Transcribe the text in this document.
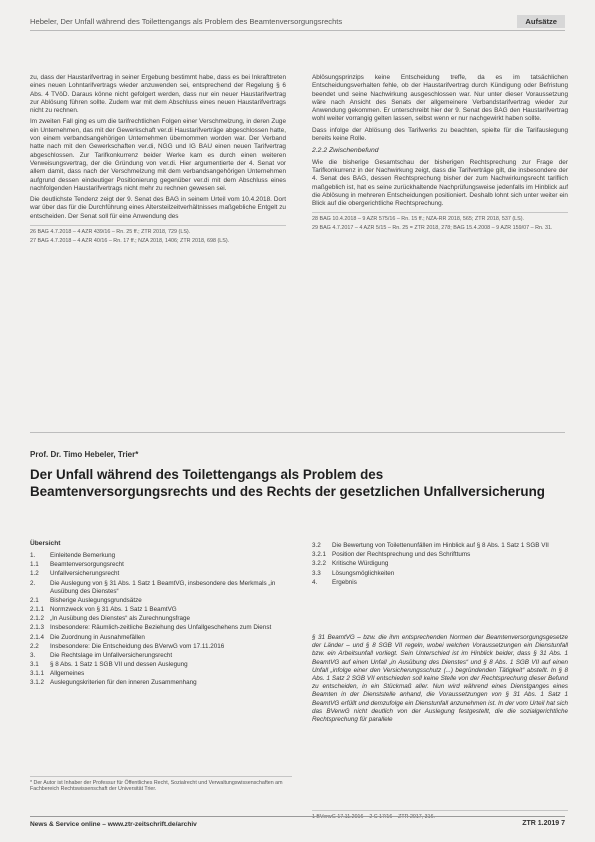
Hebeler, Der Unfall während des Toilettengangs als Problem des Beamtenversorgungsrechts	Aufsätze

zu, dass der Haustarifvertrag in seiner Ergebung bestimmt habe, dass es bei Inkrafttreten eines neuen Lohntarifvertrags wieder anzuwenden sei, entsprechend der Regelung § 6 Abs. 4 TVöD. Daraus könne nicht gefolgert werden, dass nur ein neuer Haustarifvertrag zur Ablösung führen sollte. Zudem war mit dem Abschluss eines neuen Haustarifvertrags nicht zu rechnen.

Im zweiten Fall ging es um die tarifrechtlichen Folgen einer Verschmelzung, in deren Zuge ein Unternehmen, das mit der Gewerkschaft ver.di Haustarifverträge abgeschlossen hatte, von einem verbandsangehörigen Unternehmen übernommen worden war. Der Verband hatte nach mit den Gewerkschaften ver.di, NGG und IG BAU einen neuen Tarifvertrag abgeschlossen. Zur Tarifkonkurrenz beider Werke kam es durch einen weiteren Verweisungsvertrag, der die Gründung von ver.di. Hier argumentierte der 4. Senat vor allem damit, dass nach der Verschmelzung mit dem verbandsangehörigen Unternehmen aufgrund dessen eindeutiger Positionierung gegenüber ver.di mit dem Abschluss eines nachfolgenden Haustarifvertrags nicht mehr zu rechnen gewesen sei.

Die deutlichste Tendenz zeigt der 9. Senat des BAG in seinem Urteil vom 10.4.2018. Dort war über das für die Durchführung eines Altersteilzeitverhältnisses maßgebliche Entgelt zu entscheiden. Der Senat soll für eine Anwendung des

26 BAG 4.7.2018 – 4 AZR 439/16 – Rn. 25 ff.; ZTR 2018, 729 (LS).
27 BAG 4.7.2018 – 4 AZR 40/16 – Rn. 17 ff.; NZA 2018, 1406; ZTR 2018, 698 (LS).

Ablösungsprinzips keine Entscheidung treffe, da es im tatsächlichen Entscheidungsverhalten fehle, ob der Haustarifvertrag durch Kündigung oder Befristung beendet und seine Nachwirkung ausgeschlossen war. Nur unter dieser Voraussetzung wäre nach Ansicht des Senats der allgemeinere Verbandstarifvertrag wieder zur Anwendung gekommen. Er unterschreibt hier der 9. Senat des BAG den Haustarifvertrag wohl weiter vorrangig gelten lassen, selbst wenn er nur nachgewirkt haben sollte.

Dass infolge der Ablösung des Tarifwerks zu beachten, spielte für die Tarifauslegung bereits keine Rolle.

2.2.2 Zwischenbefund

Wie die bisherige Gesamtschau der bisherigen Rechtsprechung zur Frage der Tarifkonkurrenz in der Nachwirkung zeigt, dass die Tarifverträge gilt, die insbesondere der 4. Senat des BAG, dessen Rechtsprechung bisher der zum Nachwirkungsrecht tariflich maßgeblich ist, hat es seine zurückhaltende Nachprüfungsweise jedenfalls im Hinblick auf die Ablösung in mehreren Entscheidungen positioniert. Deshalb lohnt sich unter weiter ein Blick auf die obergerichtliche Rechtsprechung.

28 BAG 10.4.2018 – 9 AZR 575/16 – Rn. 15 ff.; NZA-RR 2018, 565; ZTR 2018, 537 (LS).
29 BAG 4.7.2017 – 4 AZR 5/15 – Rn. 25 = ZTR 2018, 278; BAG 15.4.2008 – 9 AZR 159/07 – Rn. 31.
Prof. Dr. Timo Hebeler, Trier*
Der Unfall während des Toilettengangs als Problem des Beamtenversorgungsrechts und des Rechts der gesetzlichen Unfallversicherung
Übersicht
1.	Einleitende Bemerkung
1.1	Beamtenversorgungsrecht
1.2	Unfallversicherungsrecht
2.	Die Auslegung von § 31 Abs. 1 Satz 1 BeamtVG, insbesondere des Merkmals „in Ausübung des Dienstes“
2.1	Bisherige Auslegungsgrundsätze
2.1.1 Normzweck von § 31 Abs. 1 Satz 1 BeamtVG
2.1.2 „In Ausübung des Dienstes“ als Zurechnungsfrage
2.1.3 Insbesondere: Räumlich-zeitliche Beziehung des Unfallgeschehens zum Dienst
2.1.4 Die Zuordnung in Ausnahmefällen
2.2	Insbesondere: Die Entscheidung des BVerwG vom 17.11.2016
3.	Die Rechtslage im Unfallversicherungsrecht
3.1	§ 8 Abs. 1 Satz 1 SGB VII und dessen Auslegung
3.1.1 Allgemeines
3.1.2 Auslegungskriterien für den inneren Zusammenhang
3.2	Die Bewertung von Toilettenunfällen im Hinblick auf § 8 Abs. 1 Satz 1 SGB VII
3.2.1 Position der Rechtsprechung und des Schrifttums
3.2.2 Kritische Würdigung
3.3	Lösungsmöglichkeiten
4.	Ergebnis
§ 31 BeamtVG – bzw. die ihm entsprechenden Normen der Beamtenversorgungsgesetze der Länder – und § 8 SGB VII regeln, wobei welchen Voraussetzungen ein Dienstunfall bzw. ein Arbeitsunfall vorliegt. Sein Unterschied ist im Hinblick beider, dass § 31 Abs. 1 BeamtVG auf einen Unfall „in Ausübung des Dienstes“ und § 8 Abs. 1 SGB VII auf einen Unfall „infolge einer den Versicherungsschutz (...) begründenden Tätigkeit“ abstellt. In § 8 Abs. 1 Satz 2 SGB VII entschieden soll keine Stelle von der Rechtsprechung dieser Befund zu entscheiden, in ein Stückmaß aller. Nun wird während eines Dienstganges eines Beamten in der Dienststelle anhand, die Voraussetzungen von § 31 Abs. 1 Satz 1 BeamtVG erfüllt und demzufolge ein Dienstunfall anzunehmen ist. In der vom Urteil hat sich das BVerwG nicht deutlich von der Auslegung festgestellt, die die sozialgerichtliche Rechtsprechung für parallele
* Der Autor ist Inhaber der Professur für Öffentliches Recht, Sozialrecht und Verwaltungswissenschaften am Fachbereich Rechtswissenschaft der Universität Trier.
1 BVerwG 17.11.2016 – 2 C 17/16 – ZTR 2017, 316.
News & Service online – www.ztr-zeitschrift.de/archiv	ZTR 1.2019 7
